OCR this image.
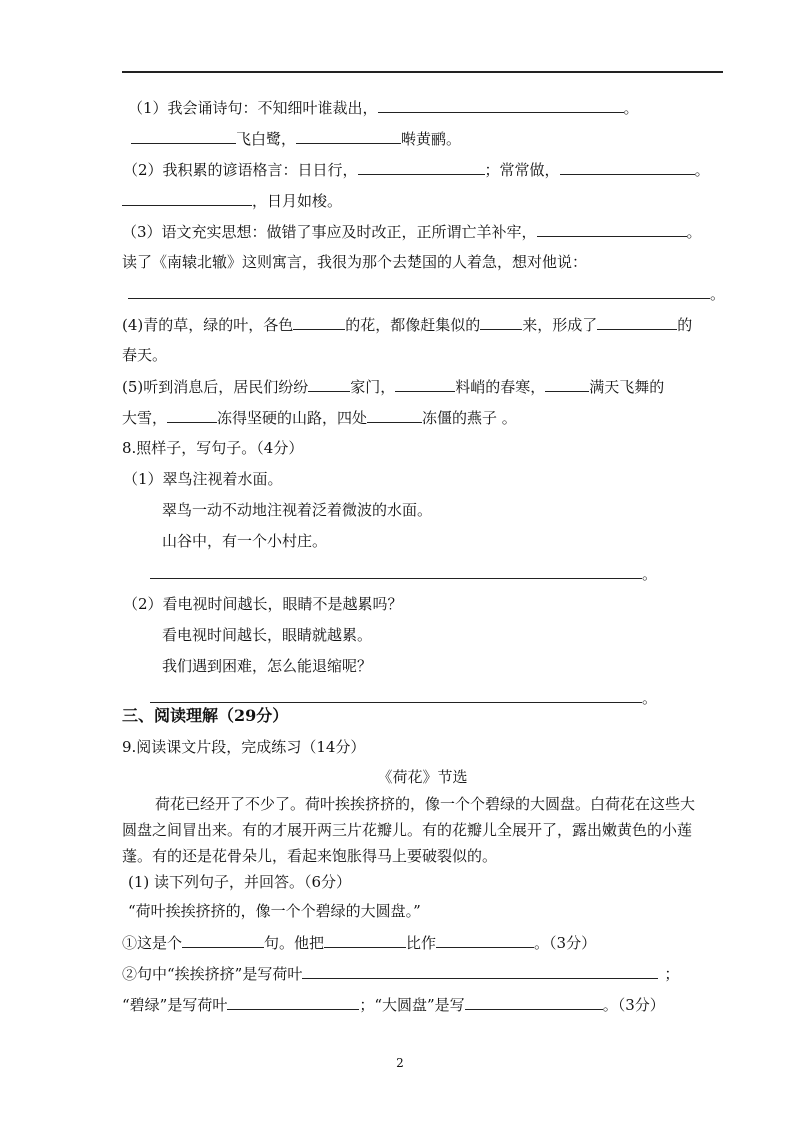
（1）我会诵诗句：不知细叶谁裁出，	。
飞白鹭，	啭黄鹂。
（2）我积累的谚语格言：日日行，	；常常做，	。
，日月如梭。
（3）语文充实思想：做错了事应及时改正，正所谓亡羊补牢，	。
读了《南辕北辙》这则寓言，我很为那个去楚国的人着急，想对他说：
。
(4)青的草，绿的叶，各色	的花，都像赶集似的	来，形成了	的
春天。
(5)听到消息后，居民们纷纷	家门，	料峭的春寒，	满天飞舞的
大雪，	冻得坚硬的山路，四处	冻僵的燕子 。
8.照样子，写句子。（4分）
（1）翠鸟注视着水面。
翠鸟一动不动地注视着泛着微波的水面。
山谷中，有一个小村庄。
。
（2）看电视时间越长，眼睛不是越累吗？
看电视时间越长，眼睛就越累。
我们遇到困难，怎么能退缩呢？
。
三、阅读理解（29分）
9.阅读课文片段，完成练习（14分）
《荷花》节选
荷花已经开了不少了。荷叶挨挨挤挤的，像一个个碧绿的大圆盘。白荷花在这些大
圆盘之间冒出来。有的才展开两三片花瓣儿。有的花瓣儿全展开了，露出嫩黄色的小莲
蓬。有的还是花骨朵儿，看起来饱胀得马上要破裂似的。
(1) 读下列句子，并回答。（6分）
“荷叶挨挨挤挤的，像一个个碧绿的大圆盘。”
①这是个	句。他把	比作	。（3分）
②句中“挨挨挤挤”是写荷叶	；
“碧绿”是写荷叶	；“大圆盘”是写	。（3分）
2
